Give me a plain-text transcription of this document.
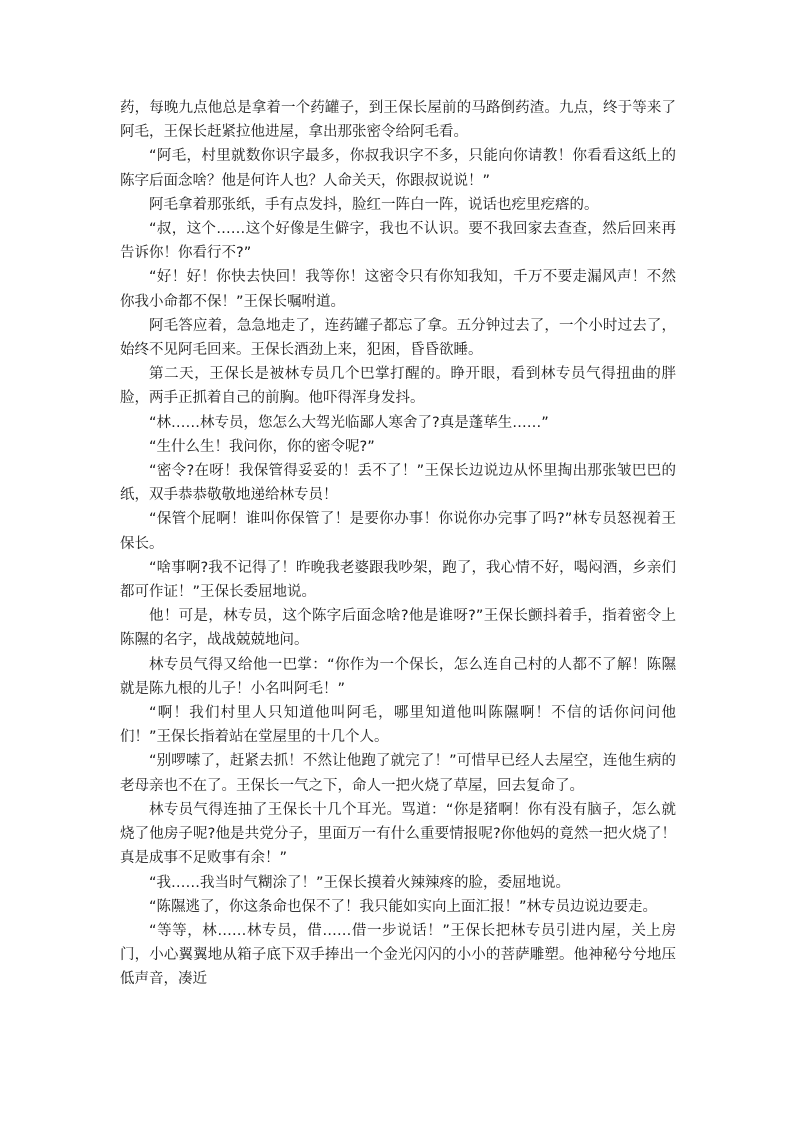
药，每晚九点他总是拿着一个药罐子，到王保长屋前的马路倒药渣。九点，终于等来了阿毛，王保长赶紧拉他进屋，拿出那张密令给阿毛看。

“阿毛，村里就数你识字最多，你叔我识字不多，只能向你请教！你看看这纸上的陈字后面念啥？他是何许人也？人命关天，你跟叔说说！”

阿毛拿着那张纸，手有点发抖，脸红一阵白一阵，说话也疙里疙瘩的。

“叔，这个……这个好像是生僻字，我也不认识。要不我回家去查查，然后回来再告诉你！你看行不?”

“好！好！你快去快回！我等你！这密令只有你知我知，千万不要走漏风声！不然你我小命都不保！”王保长嘱咐道。

阿毛答应着，急急地走了，连药罐子都忘了拿。五分钟过去了，一个小时过去了，始终不见阿毛回来。王保长酒劲上来，犯困，昏昏欲睡。

第二天，王保长是被林专员几个巴掌打醒的。睁开眼，看到林专员气得扭曲的胖脸，两手正抓着自己的前胸。他吓得浑身发抖。

“林……林专员，您怎么大驾光临鄙人寒舍了?真是蓬荜生……”

“生什么生！我问你，你的密令呢?”

“密令?在呀！我保管得妥妥的！丢不了！”王保长边说边从怀里掏出那张皱巴巴的纸，双手恭恭敬敬地递给林专员！

“保管个屁啊！谁叫你保管了！是要你办事！你说你办完事了吗?”林专员怒视着王保长。

“啥事啊?我不记得了！昨晚我老婆跟我吵架，跑了，我心情不好，喝闷酒，乡亲们都可作证！”王保长委屈地说。

他！可是，林专员，这个陈字后面念啥?他是谁呀?”王保长颤抖着手，指着密令上陈隰的名字，战战兢兢地问。

林专员气得又给他一巴掌：“你作为一个保长，怎么连自己村的人都不了解！陈隰就是陈九根的儿子！小名叫阿毛！”

“啊！我们村里人只知道他叫阿毛，哪里知道他叫陈隰啊！不信的话你问问他们！”王保长指着站在堂屋里的十几个人。

“别啰嗦了，赶紧去抓！不然让他跑了就完了！”可惜早已经人去屋空，连他生病的老母亲也不在了。王保长一气之下，命人一把火烧了草屋，回去复命了。

林专员气得连抽了王保长十几个耳光。骂道：“你是猪啊！你有没有脑子，怎么就烧了他房子呢?他是共党分子，里面万一有什么重要情报呢?你他妈的竟然一把火烧了！真是成事不足败事有余！”

“我……我当时气糊涂了！”王保长摸着火辣辣疼的脸，委屈地说。

“陈隰逃了，你这条命也保不了！我只能如实向上面汇报！”林专员边说边要走。

“等等，林……林专员，借……借一步说话！”王保长把林专员引进内屋，关上房门，小心翼翼地从箱子底下双手捧出一个金光闪闪的小小的菩萨雕塑。他神秘兮兮地压低声音，凑近
